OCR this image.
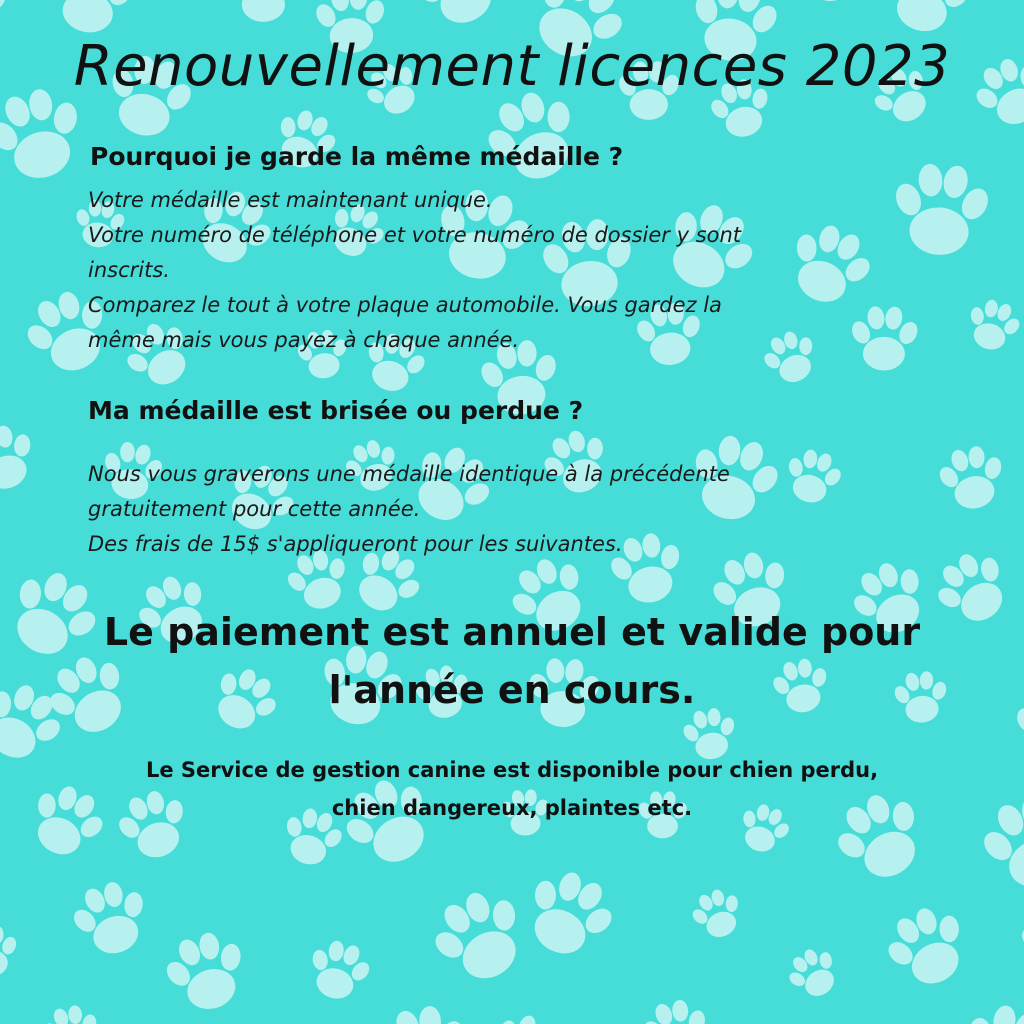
Renouvellement licences 2023
Pourquoi je garde la même médaille ?
Votre médaille est maintenant unique.
Votre numéro de téléphone et votre numéro de dossier y sont
inscrits.
Comparez le tout à votre plaque automobile. Vous gardez la
même mais vous payez à chaque année.
Ma médaille est brisée ou perdue ?
Nous vous graverons une médaille identique à la précédente
gratuitement pour cette année.
Des frais de 15$ s'appliqueront pour les suivantes.
Le paiement est annuel et valide pour
l'année en cours.
Le Service de gestion canine est disponible pour chien perdu,
chien dangereux, plaintes etc.
